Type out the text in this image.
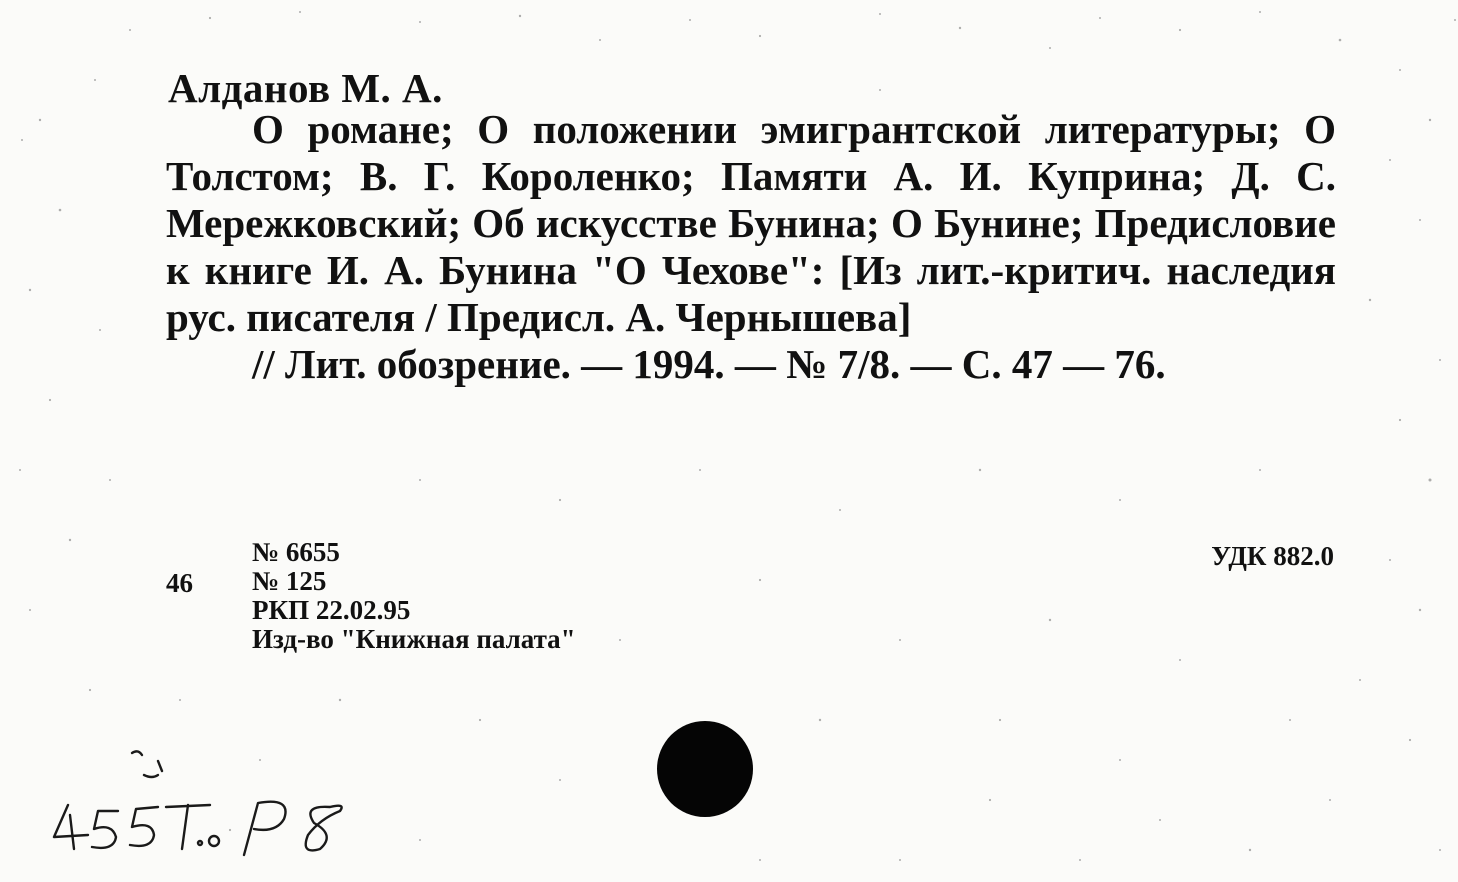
Алданов М. А.

О романе; О положении эмигрантской литературы; О Толстом; В. Г. Короленко; Памяти А. И. Куприна; Д. С. Мережковский; Об искусстве Бунина; О Бунине; Предисловие к книге И. А. Бунина "О Чехове": [Из лит.-критич. наследия рус. писателя / Предисл. А. Чернышева]

// Лит. обозрение. — 1994. — № 7/8. — С. 47 — 76.

46
№ 6655
№ 125
РКП 22.02.95
Изд-во "Книжная палата"
УДК 882.0
